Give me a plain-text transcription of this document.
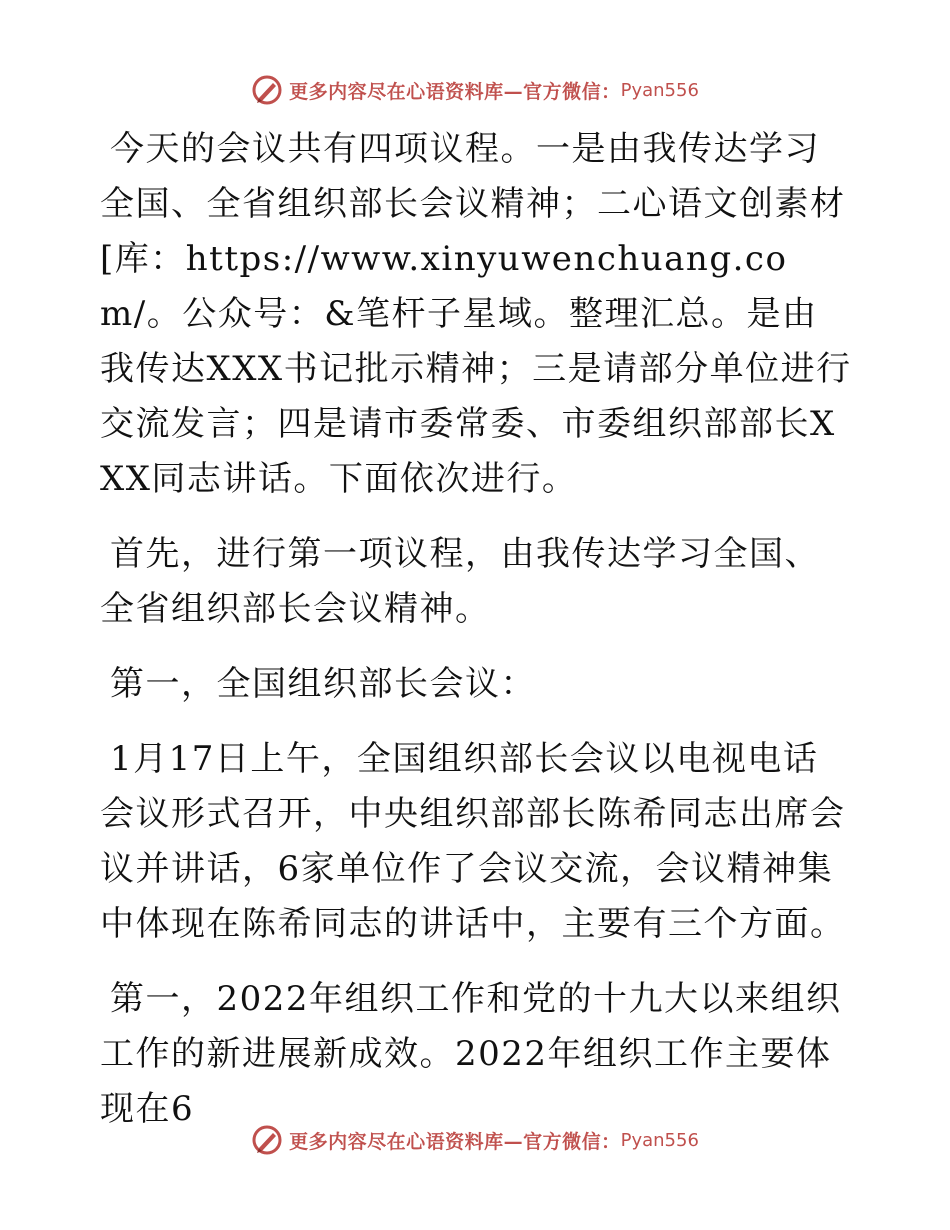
更多内容尽在心语资料库—官方微信： Pyan556

今天的会议共有四项议程。一是由我传达学习全国、全省组织部长会议精神；二心语文创素材[库：https://www.xinyuwenchuang.com/。公众号：&笔杆子星域。整理汇总。是由我传达XXX书记批示精神；三是请部分单位进行交流发言；四是请市委常委、市委组织部部长XXX同志讲话。下面依次进行。

首先，进行第一项议程，由我传达学习全国、全省组织部长会议精神。

第一，全国组织部长会议：

1月17日上午，全国组织部长会议以电视电话会议形式召开，中央组织部部长陈希同志出席会议并讲话，6家单位作了会议交流，会议精神集中体现在陈希同志的讲话中，主要有三个方面。

第一，2022年组织工作和党的十九大以来组织工作的新进展新成效。2022年组织工作主要体现在6

更多内容尽在心语资料库—官方微信： Pyan556
